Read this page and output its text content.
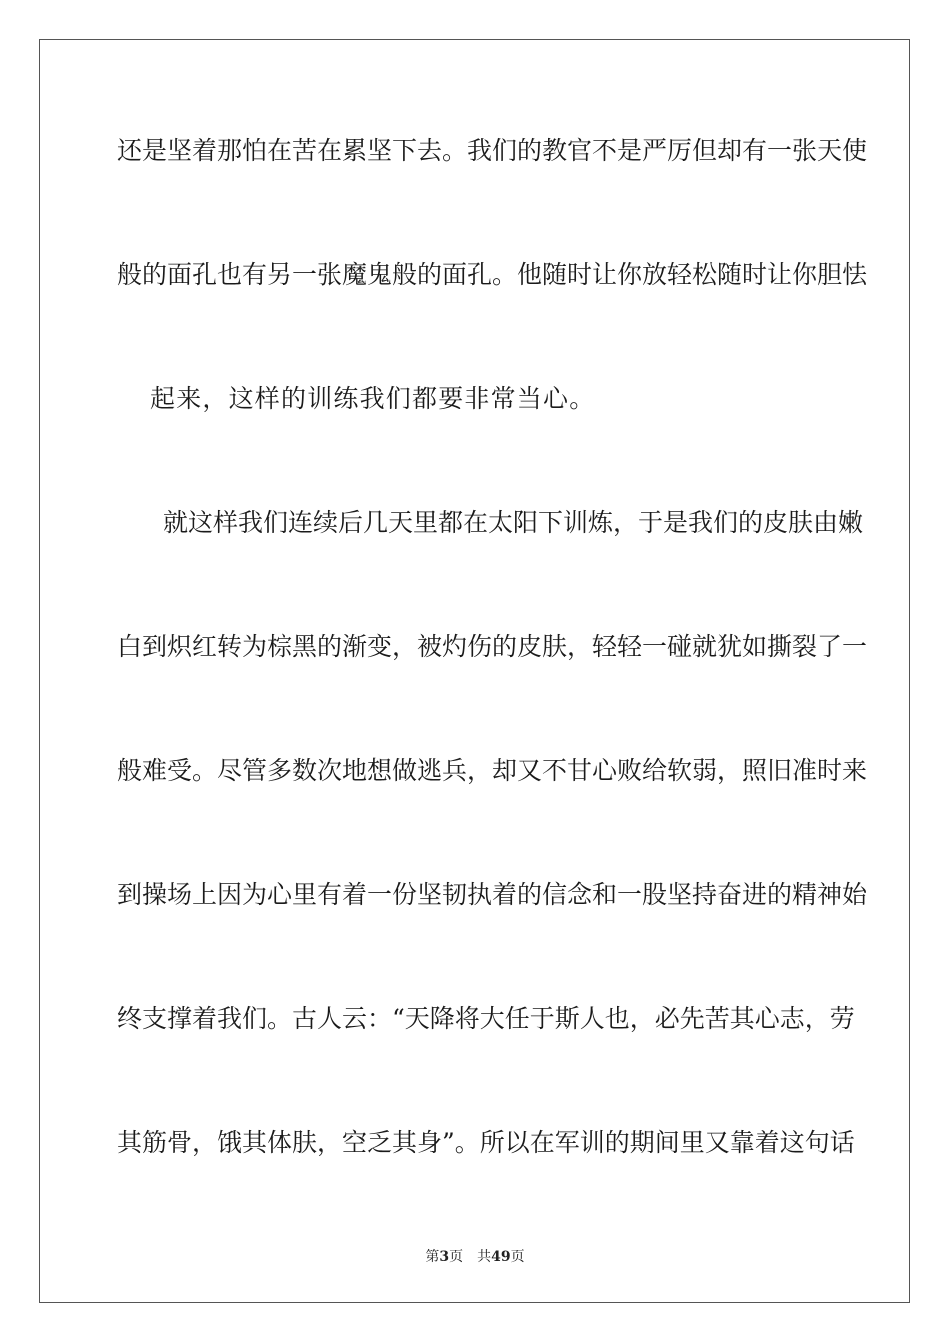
还是坚着那怕在苦在累坚下去。我们的教官不是严厉但却有一张天使
般的面孔也有另一张魔鬼般的面孔。他随时让你放轻松随时让你胆怯
起来，这样的训练我们都要非常当心。
就这样我们连续后几天里都在太阳下训炼，于是我们的皮肤由嫩
白到炽红转为棕黑的渐变，被灼伤的皮肤，轻轻一碰就犹如撕裂了一
般难受。尽管多数次地想做逃兵，却又不甘心败给软弱，照旧准时来
到操场上因为心里有着一份坚韧执着的信念和一股坚持奋进的精神始
终支撑着我们。古人云：“天降将大任于斯人也，必先苦其心志，劳
其筋骨，饿其体肤，空乏其身”。所以在军训的期间里又靠着这句话
第3页 共49页
